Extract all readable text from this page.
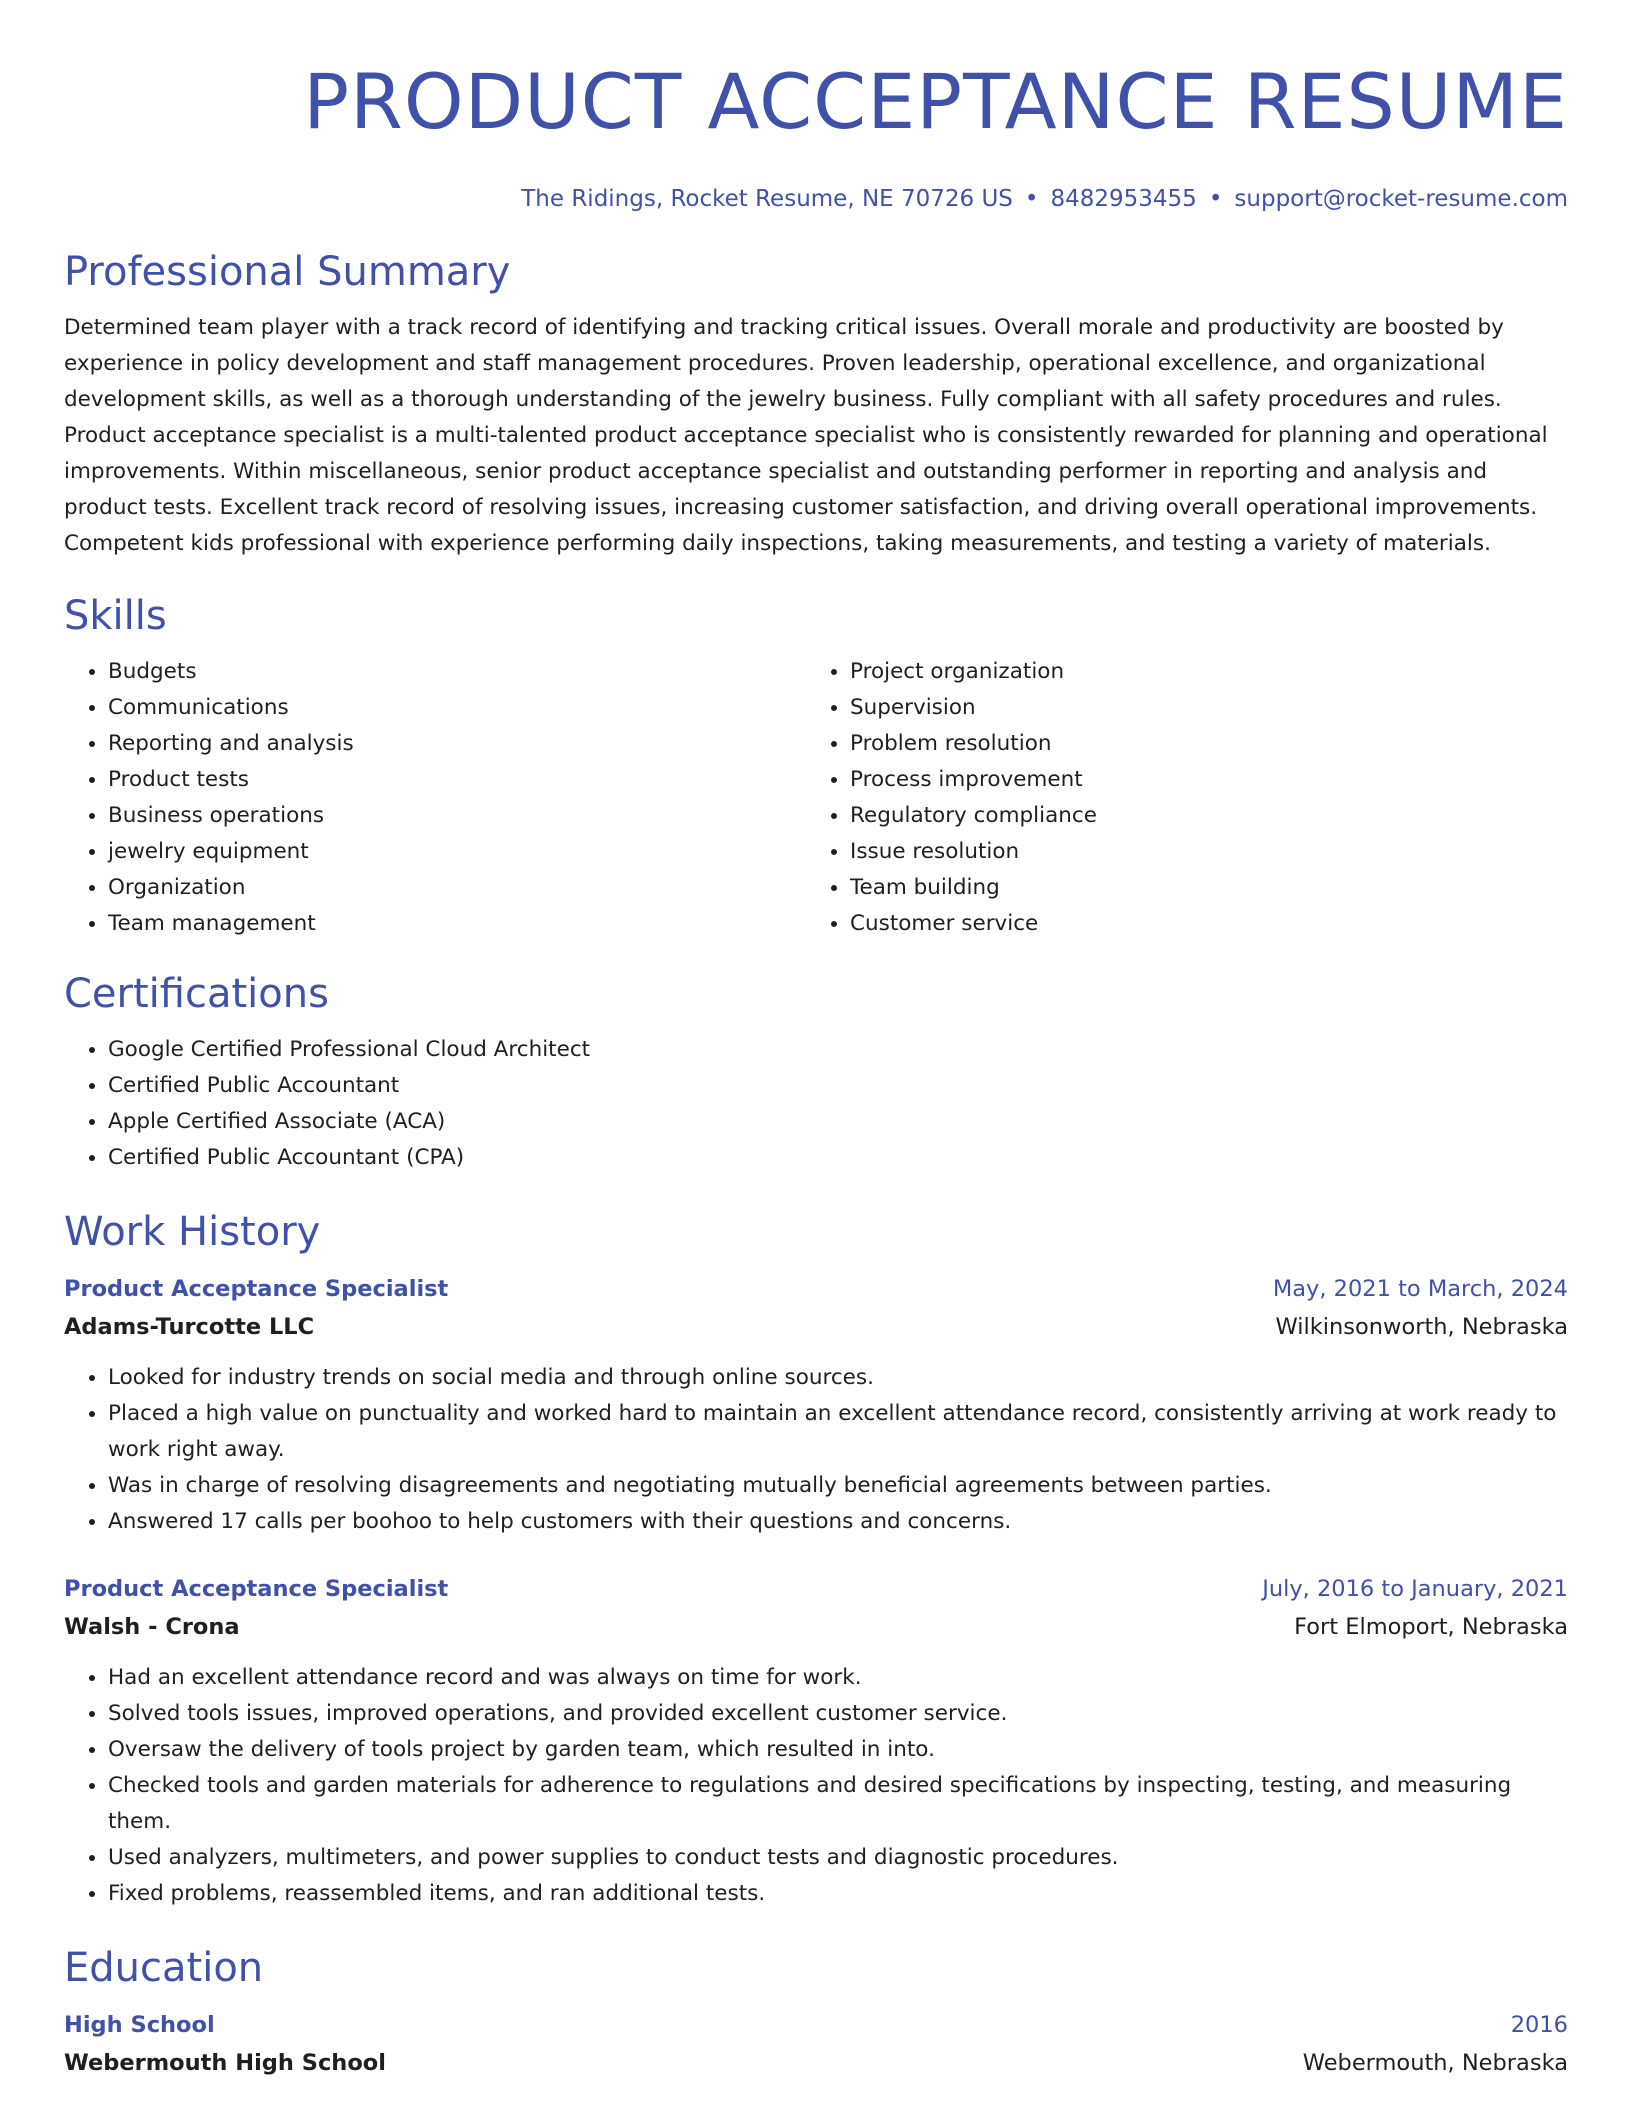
PRODUCT ACCEPTANCE RESUME
The Ridings, Rocket Resume, NE 70726 US • 8482953455 • support@rocket-resume.com
Professional Summary

Determined team player with a track record of identifying and tracking critical issues. Overall morale and productivity are boosted by experience in policy development and staff management procedures. Proven leadership, operational excellence, and organizational development skills, as well as a thorough understanding of the jewelry business. Fully compliant with all safety procedures and rules. Product acceptance specialist is a multi-talented product acceptance specialist who is consistently rewarded for planning and operational improvements. Within miscellaneous, senior product acceptance specialist and outstanding performer in reporting and analysis and product tests. Excellent track record of resolving issues, increasing customer satisfaction, and driving overall operational improvements. Competent kids professional with experience performing daily inspections, taking measurements, and testing a variety of materials.

Skills
• Budgets
• Communications
• Reporting and analysis
• Product tests
• Business operations
• jewelry equipment
• Organization
• Team management
• Project organization
• Supervision
• Problem resolution
• Process improvement
• Regulatory compliance
• Issue resolution
• Team building
• Customer service
Certifications
• Google Certified Professional Cloud Architect
• Certified Public Accountant
• Apple Certified Associate (ACA)
• Certified Public Accountant (CPA)
Work History
Product Acceptance Specialist	May, 2021 to March, 2024
Adams-Turcotte LLC	Wilkinsonworth, Nebraska
• Looked for industry trends on social media and through online sources.
• Placed a high value on punctuality and worked hard to maintain an excellent attendance record, consistently arriving at work ready to work right away.
• Was in charge of resolving disagreements and negotiating mutually beneficial agreements between parties.
• Answered 17 calls per boohoo to help customers with their questions and concerns.
Product Acceptance Specialist	July, 2016 to January, 2021
Walsh - Crona	Fort Elmoport, Nebraska
• Had an excellent attendance record and was always on time for work.
• Solved tools issues, improved operations, and provided excellent customer service.
• Oversaw the delivery of tools project by garden team, which resulted in into.
• Checked tools and garden materials for adherence to regulations and desired specifications by inspecting, testing, and measuring them.
• Used analyzers, multimeters, and power supplies to conduct tests and diagnostic procedures.
• Fixed problems, reassembled items, and ran additional tests.
Education
High School	2016
Webermouth High School	Webermouth, Nebraska
